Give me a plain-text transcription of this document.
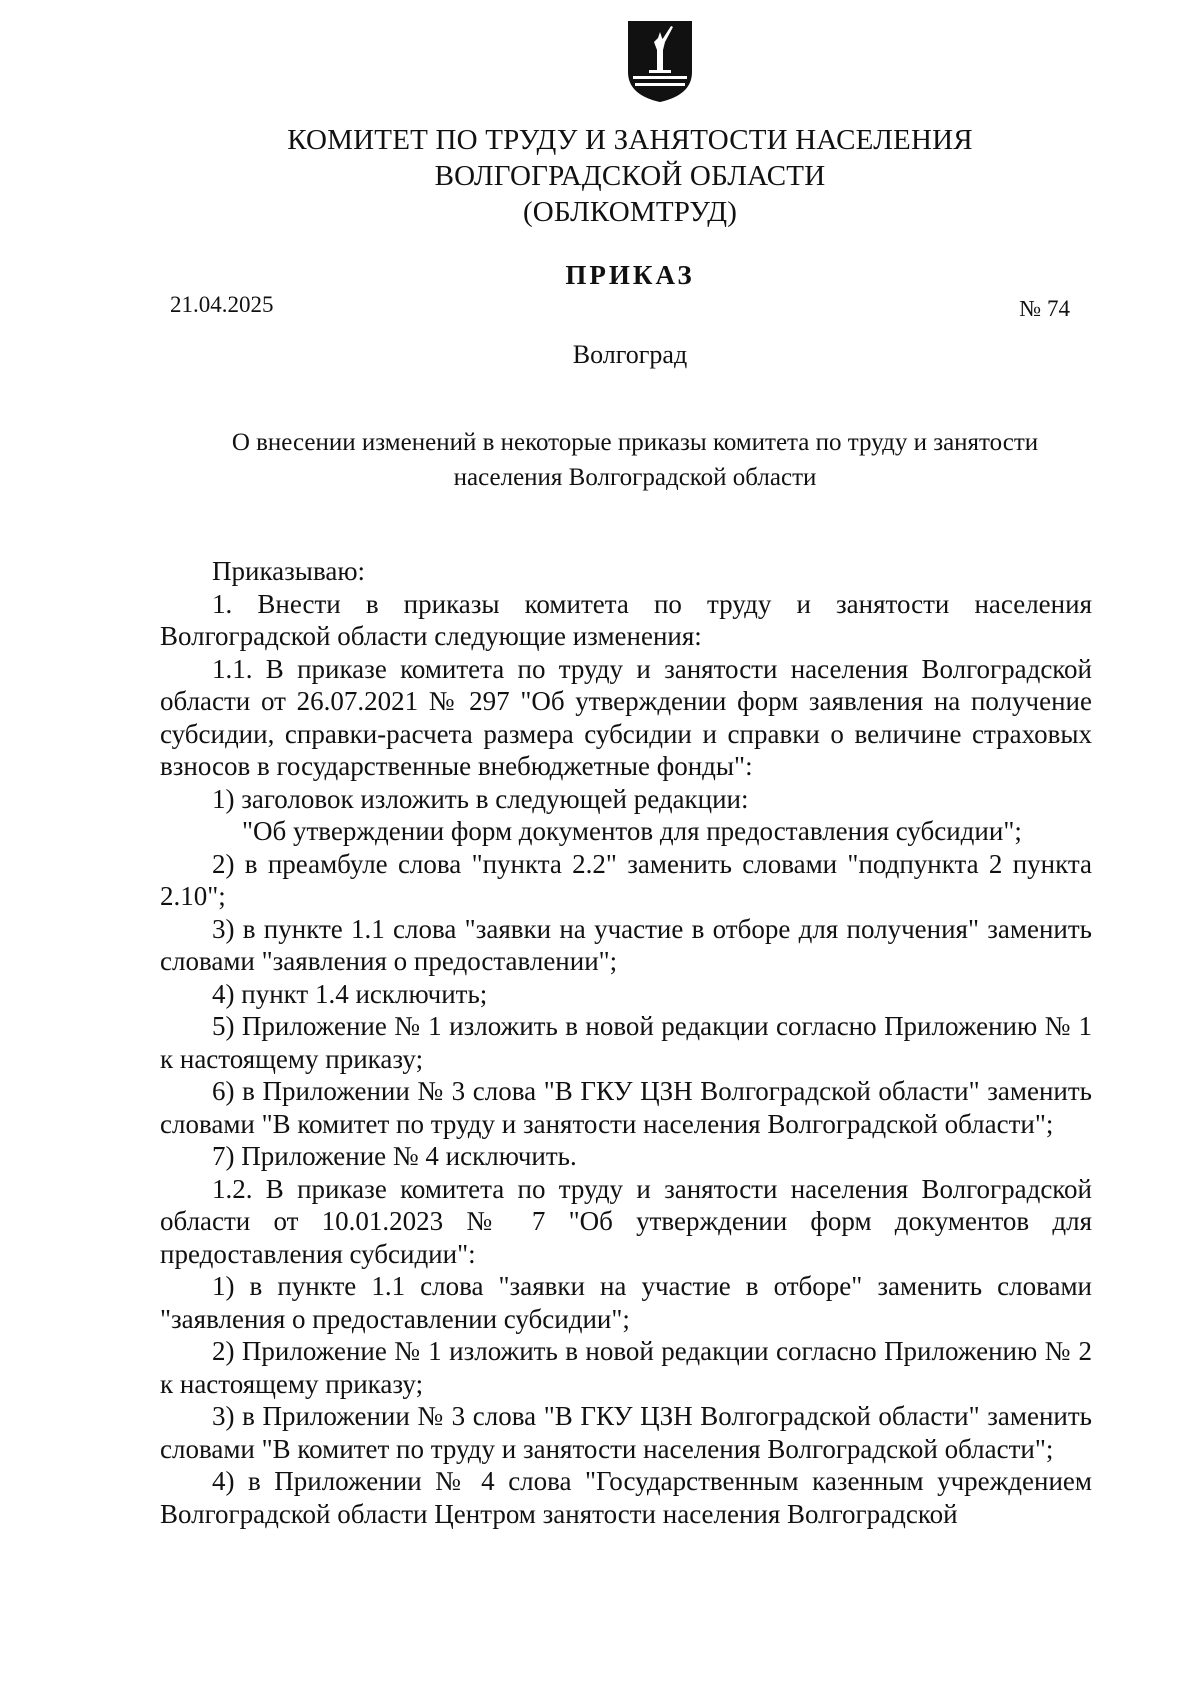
КОМИТЕТ ПО ТРУДУ И ЗАНЯТОСТИ НАСЕЛЕНИЯ
ВОЛГОГРАДСКОЙ ОБЛАСТИ
(ОБЛКОМТРУД)
ПРИКАЗ
21.04.2025	№ 74
Волгоград
О внесении изменений в некоторые приказы комитета по труду и занятости
населения Волгоградской области

Приказываю:

1. Внести в приказы комитета по труду и занятости населения Волгоградской области следующие изменения:

1.1. В приказе комитета по труду и занятости населения Волгоградской области от 26.07.2021 № 297 "Об утверждении форм заявления на получение субсидии, справки-расчета размера субсидии и справки о величине страховых взносов в государственные внебюджетные фонды":

1) заголовок изложить в следующей редакции:

"Об утверждении форм документов для предоставления субсидии";

2) в преамбуле слова "пункта 2.2" заменить словами "подпункта 2 пункта 2.10";

3) в пункте 1.1 слова "заявки на участие в отборе для получения" заменить словами "заявления о предоставлении";

4) пункт 1.4 исключить;

5) Приложение № 1 изложить в новой редакции согласно Приложению № 1 к настоящему приказу;

6) в Приложении № 3 слова "В ГКУ ЦЗН Волгоградской области" заменить словами "В комитет по труду и занятости населения Волгоградской области";

7) Приложение № 4 исключить.

1.2. В приказе комитета по труду и занятости населения Волгоградской области от 10.01.2023 № 7 "Об утверждении форм документов для предоставления субсидии":

1) в пункте 1.1 слова "заявки на участие в отборе" заменить словами "заявления о предоставлении субсидии";

2) Приложение № 1 изложить в новой редакции согласно Приложению № 2 к настоящему приказу;

3) в Приложении № 3 слова "В ГКУ ЦЗН Волгоградской области" заменить словами "В комитет по труду и занятости населения Волгоградской области";

4) в Приложении № 4 слова "Государственным казенным учреждением Волгоградской области Центром занятости населения Волгоградской
